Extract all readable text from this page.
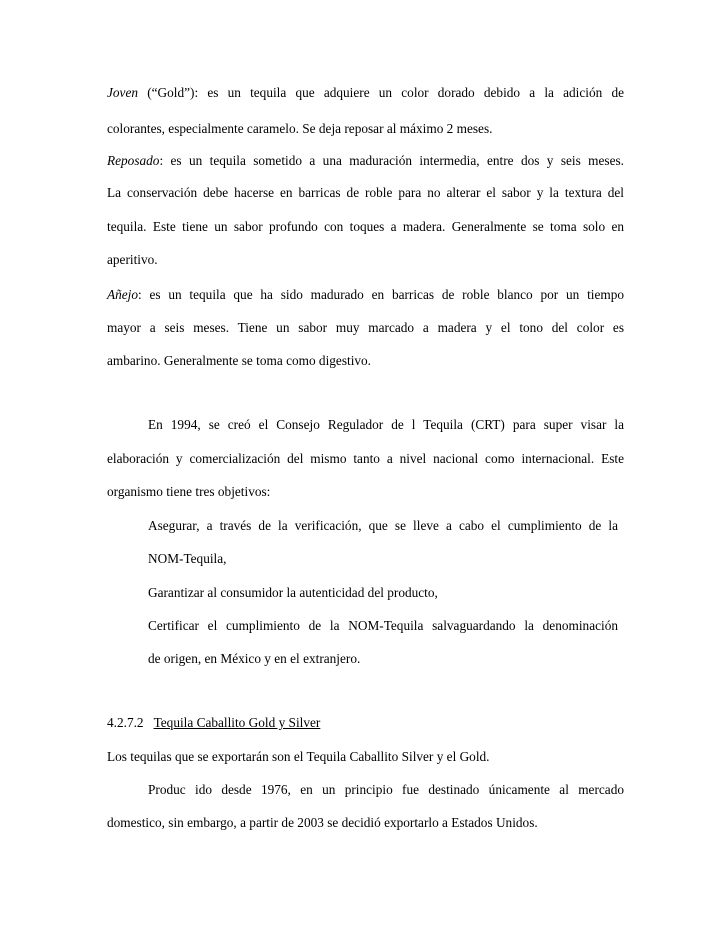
Joven (“Gold”): es un tequila que adquiere un color dorado debido a la adición de
colorantes, especialmente caramelo. Se deja reposar al máximo 2 meses.
Reposado: es un tequila sometido a una maduración intermedia, entre dos y seis meses.
La conservación debe hacerse en barricas de roble para no alterar el sabor y la textura del
tequila. Este tiene un sabor profundo con toques a madera. Generalmente se toma solo en
aperitivo.
Añejo: es un tequila que ha sido madurado en barricas de roble blanco por un tiempo
mayor a seis meses. Tiene un sabor muy marcado a madera y el tono del color es
ambarino. Generalmente se toma como digestivo.
En 1994, se creó el Consejo Regulador de l Tequila (CRT) para super visar la
elaboración y comercialización del mismo tanto a nivel nacional como internacional. Este
organismo tiene tres objetivos:
Asegurar, a través de la verificación, que se lleve a cabo el cumplimiento de la
NOM-Tequila,
Garantizar al consumidor la autenticidad del producto,
Certificar el cumplimiento de la NOM-Tequila salvaguardando la denominación
de origen, en México y en el extranjero.
4.2.7.2 Tequila Caballito Gold y Silver
Los tequilas que se exportarán son el Tequila Caballito Silver y el Gold.
Produc ido desde 1976, en un principio fue destinado únicamente al mercado
domestico, sin embargo, a partir de 2003 se decidió exportarlo a Estados Unidos.
